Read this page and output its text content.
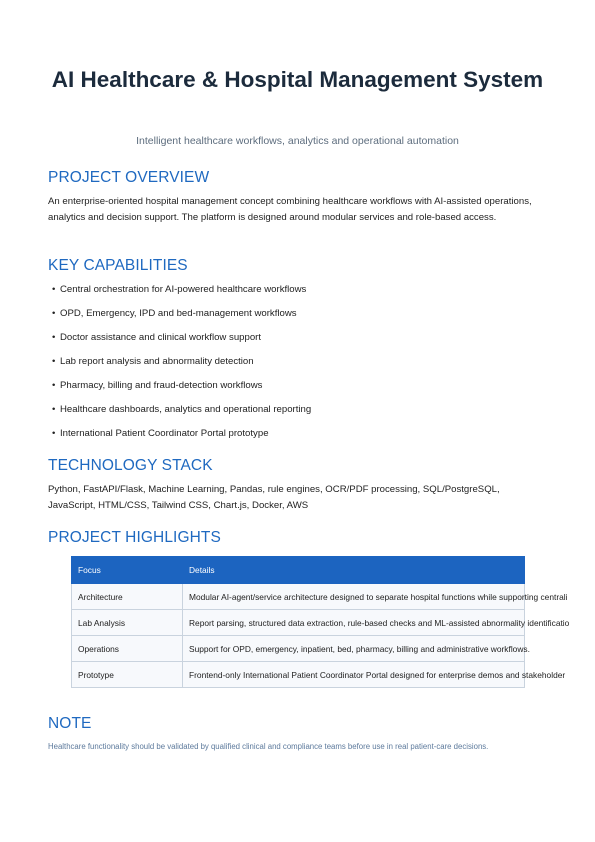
AI Healthcare & Hospital Management System
Intelligent healthcare workflows, analytics and operational automation
PROJECT OVERVIEW
An enterprise-oriented hospital management concept combining healthcare workflows with AI-assisted operations, analytics and decision support. The platform is designed around modular services and role-based access.
KEY CAPABILITIES
• Central orchestration for AI-powered healthcare workflows
• OPD, Emergency, IPD and bed-management workflows
• Doctor assistance and clinical workflow support
• Lab report analysis and abnormality detection
• Pharmacy, billing and fraud-detection workflows
• Healthcare dashboards, analytics and operational reporting
• International Patient Coordinator Portal prototype
TECHNOLOGY STACK
Python, FastAPI/Flask, Machine Learning, Pandas, rule engines, OCR/PDF processing, SQL/PostgreSQL, JavaScript, HTML/CSS, Tailwind CSS, Chart.js, Docker, AWS
PROJECT HIGHLIGHTS
Focus	Details
Architecture	Modular AI-agent/service architecture designed to separate hospital functions while supporting centrali
Lab Analysis	Report parsing, structured data extraction, rule-based checks and ML-assisted abnormality identificatio
Operations	Support for OPD, emergency, inpatient, bed, pharmacy, billing and administrative workflows.
Prototype	Frontend-only International Patient Coordinator Portal designed for enterprise demos and stakeholder
NOTE
Healthcare functionality should be validated by qualified clinical and compliance teams before use in real patient-care decisions.
